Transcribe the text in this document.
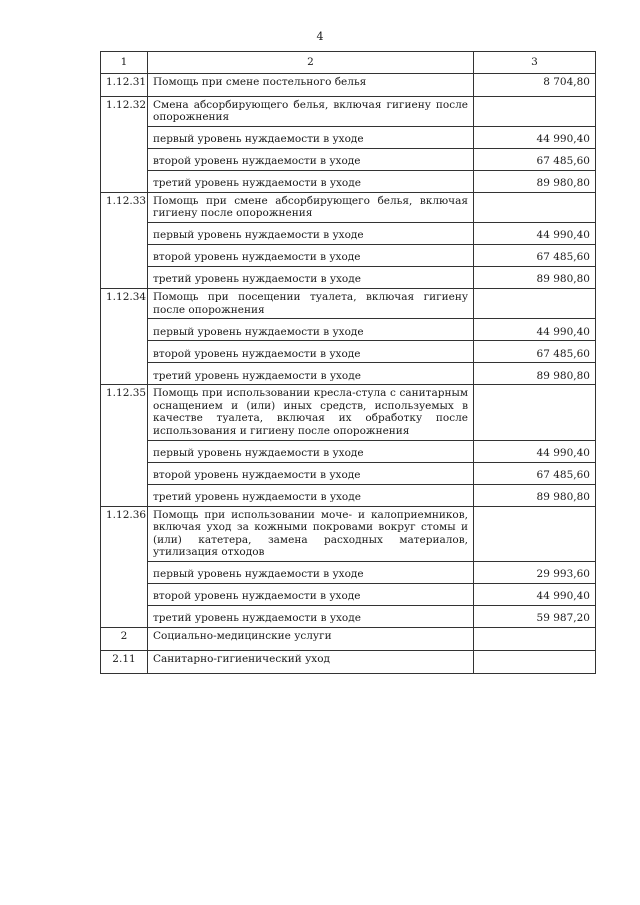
4
1	2	3
1.12.31	Помощь при смене постельного белья	8 704,80
1.12.32	Смена абсорбирующего белья, включая гигиену после опорожнения	
	первый уровень нуждаемости в уходе	44 990,40
	второй уровень нуждаемости в уходе	67 485,60
	третий уровень нуждаемости в уходе	89 980,80
1.12.33	Помощь при смене абсорбирующего белья, включая гигиену после опорожнения	
	первый уровень нуждаемости в уходе	44 990,40
	второй уровень нуждаемости в уходе	67 485,60
	третий уровень нуждаемости в уходе	89 980,80
1.12.34	Помощь при посещении туалета, включая гигиену после опорожнения	
	первый уровень нуждаемости в уходе	44 990,40
	второй уровень нуждаемости в уходе	67 485,60
	третий уровень нуждаемости в уходе	89 980,80
1.12.35	Помощь при использовании кресла-стула с санитарным оснащением и (или) иных средств, используемых в качестве туалета, включая их обработку после использования и гигиену после опорожнения	
	первый уровень нуждаемости в уходе	44 990,40
	второй уровень нуждаемости в уходе	67 485,60
	третий уровень нуждаемости в уходе	89 980,80
1.12.36	Помощь при использовании моче- и калоприемников, включая уход за кожными покровами вокруг стомы и (или) катетера, замена расходных материалов, утилизация отходов	
	первый уровень нуждаемости в уходе	29 993,60
	второй уровень нуждаемости в уходе	44 990,40
	третий уровень нуждаемости в уходе	59 987,20
2	Социально-медицинские услуги	
2.11	Санитарно-гигиенический уход	
